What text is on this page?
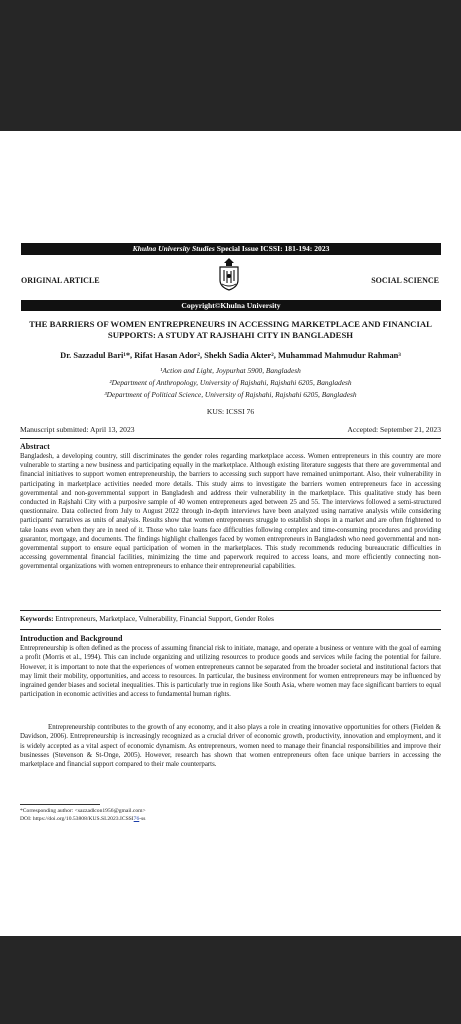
Khulna University Studies Special Issue ICSSI: 181-194: 2023
ORIGINAL ARTICLE	SOCIAL SCIENCE
Copyright©Khulna University
THE BARRIERS OF WOMEN ENTREPRENEURS IN ACCESSING MARKETPLACE AND FINANCIAL SUPPORTS: A STUDY AT RAJSHAHI CITY IN BANGLADESH
Dr. Sazzadul Bari¹*, Rifat Hasan Ador², Shekh Sadia Akter², Muhammad Mahmudur Rahman³
¹Action and Light, Joypurhat 5900, Bangladesh
²Department of Anthropology, University of Rajshahi, Rajshahi 6205, Bangladesh
³Department of Political Science, University of Rajshahi, Rajshahi 6205, Bangladesh
KUS: ICSSI 76
Manuscript submitted: April 13, 2023	Accepted: September 21, 2023
Abstract
Bangladesh, a developing country, still discriminates the gender roles regarding marketplace access. Women entrepreneurs in this country are more vulnerable to starting a new business and participating equally in the marketplace. Although existing literature suggests that there are governmental and financial initiatives to support women entrepreneurship, the barriers to accessing such support have remained unimportant. Also, their vulnerability in participating in marketplace activities needed more details. This study aims to investigate the barriers women entrepreneurs face in accessing governmental and non-governmental support in Bangladesh and address their vulnerability in the marketplace. This qualitative study has been conducted in Rajshahi City with a purposive sample of 40 women entrepreneurs aged between 25 and 55. The interviews followed a semi-structured questionnaire. Data collected from July to August 2022 through in-depth interviews have been analyzed using narrative analysis while considering participants' narratives as units of analysis. Results show that women entrepreneurs struggle to establish shops in a market and are often frightened to take loans even when they are in need of it. Those who take loans face difficulties following complex and time-consuming procedures and providing guarantor, mortgage, and documents. The findings highlight challenges faced by women entrepreneurs in Bangladesh who need governmental and non-governmental support to ensure equal participation of women in the marketplaces. This study recommends reducing bureaucratic difficulties in accessing governmental financial facilities, minimizing the time and paperwork required to access loans, and more efficiently connecting non-governmental organizations with women entrepreneurs to enhance their entrepreneurial capabilities.
Keywords: Entrepreneurs, Marketplace, Vulnerability, Financial Support, Gender Roles
Introduction and Background
Entrepreneurship is often defined as the process of assuming financial risk to initiate, manage, and operate a business or venture with the goal of earning a profit (Morris et al., 1994). This can include organizing and utilizing resources to produce goods and services while facing the potential for failure. However, it is important to note that the experiences of women entrepreneurs cannot be separated from the broader societal and institutional factors that may limit their mobility, opportunities, and access to resources. In particular, the business environment for women entrepreneurs may be influenced by ingrained gender biases and societal inequalities. This is particularly true in regions like South Asia, where women may face significant barriers to equal participation in economic activities and access to fundamental human rights.
Entrepreneurship contributes to the growth of any economy, and it also plays a role in creating innovative opportunities for others (Fielden & Davidson, 2006). Entrepreneurship is increasingly recognized as a crucial driver of economic growth, productivity, innovation and employment, and it is widely accepted as a vital aspect of economic dynamism. As entrepreneurs, women need to manage their financial responsibilities and improve their businesses (Stevenson & St-Onge, 2005). However, research has shown that women entrepreneurs often face unique barriers in accessing the marketplace and financial support compared to their male counterparts.
*Corresponding author: <sazzadlcon1956@gmail.com>
DOI: https://doi.org/10.53808/KUS.SI.2023.ICSSI76-ss
